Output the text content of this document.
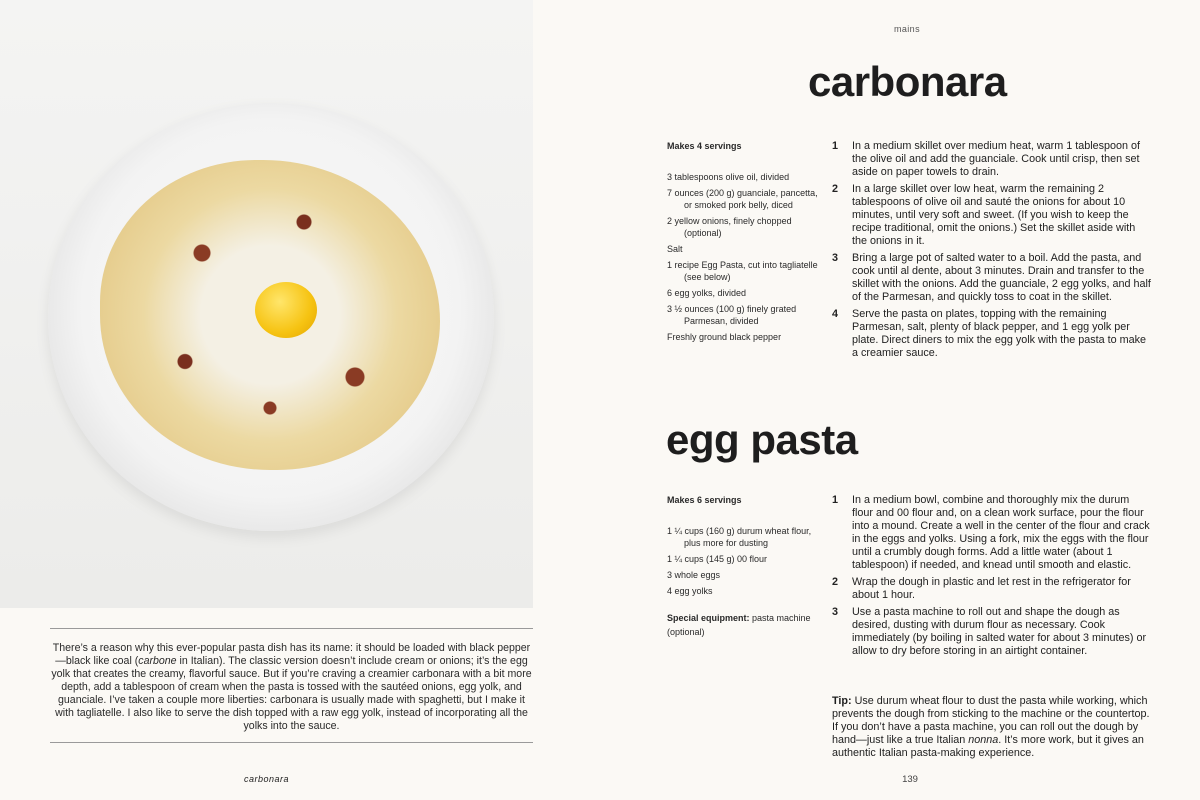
There’s a reason why this ever-popular pasta dish has its name: it should be loaded with black pepper—black like coal (carbone in Italian). The classic version doesn’t include cream or onions; it’s the egg yolk that creates the creamy, flavorful sauce. But if you’re craving a creamier carbonara with a bit more depth, add a tablespoon of cream when the pasta is tossed with the sautéed onions, egg yolk, and guanciale. I’ve taken a couple more liberties: carbonara is usually made with spaghetti, but I make it with tagliatelle. I also like to serve the dish topped with a raw egg yolk, instead of incorporating all the yolks into the sauce.
carbonara
mains
carbonara
Makes 4 servings
3 tablespoons olive oil, divided
7 ounces (200 g) guanciale, pancetta, or smoked pork belly, diced
2 yellow onions, finely chopped (optional)
Salt
1 recipe Egg Pasta, cut into tagliatelle (see below)
6 egg yolks, divided
3 ½ ounces (100 g) finely grated Parmesan, divided
Freshly ground black pepper
1	In a medium skillet over medium heat, warm 1 tablespoon of the olive oil and add the guanciale. Cook until crisp, then set aside on paper towels to drain.
2	In a large skillet over low heat, warm the remaining 2 tablespoons of olive oil and sauté the onions for about 10 minutes, until very soft and sweet. (If you wish to keep the recipe traditional, omit the onions.) Set the skillet aside with the onions in it.
3	Bring a large pot of salted water to a boil. Add the pasta, and cook until al dente, about 3 minutes. Drain and transfer to the skillet with the onions. Add the guanciale, 2 egg yolks, and half of the Parmesan, and quickly toss to coat in the skillet.
4	Serve the pasta on plates, topping with the remaining Parmesan, salt, plenty of black pepper, and 1 egg yolk per plate. Direct diners to mix the egg yolk with the pasta to make a creamier sauce.
egg pasta
Makes 6 servings
1 ¼ cups (160 g) durum wheat flour, plus more for dusting
1 ¼ cups (145 g) 00 flour
3 whole eggs
4 egg yolks
Special equipment: pasta machine (optional)
1	In a medium bowl, combine and thoroughly mix the durum flour and 00 flour and, on a clean work surface, pour the flour into a mound. Create a well in the center of the flour and crack in the eggs and yolks. Using a fork, mix the eggs with the flour until a crumbly dough forms. Add a little water (about 1 tablespoon) if needed, and knead until smooth and elastic.
2	Wrap the dough in plastic and let rest in the refrigerator for about 1 hour.
3	Use a pasta machine to roll out and shape the dough as desired, dusting with durum flour as necessary. Cook immediately (by boiling in salted water for about 3 minutes) or allow to dry before storing in an airtight container.
Tip: Use durum wheat flour to dust the pasta while working, which prevents the dough from sticking to the machine or the countertop. If you don’t have a pasta machine, you can roll out the dough by hand—just like a true Italian nonna. It’s more work, but it gives an authentic Italian pasta-making experience.
139
